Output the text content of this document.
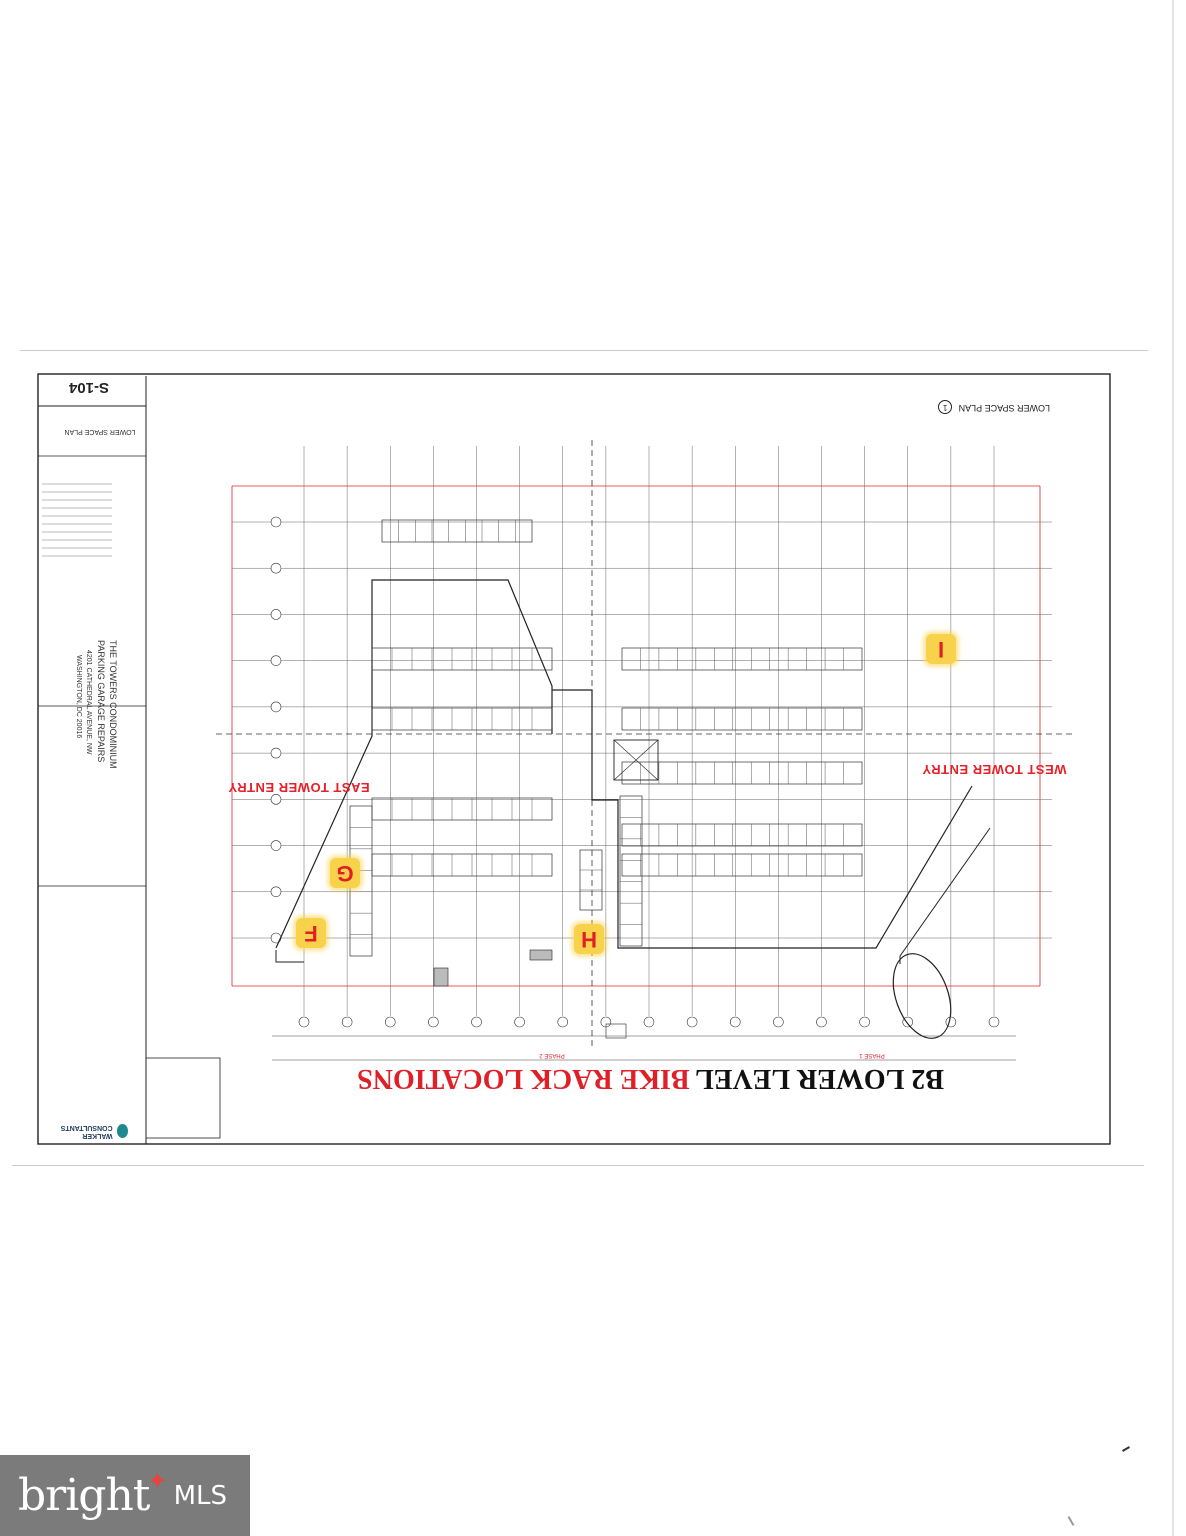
PHASE 2	PHASE 1
S-104
LOWER SPACE PLAN
THE TOWERS CONDOMINIUM
PARKING GARAGE REPAIRS
4201 CATHEDRAL AVENUE, NW
WASHINGTON, DC 20016
LOWER SPACE PLAN 1
WALKER CONSULTANTS
EAST TOWER ENTRY
WEST TOWER ENTRY
B2 LOWER LEVEL BIKE RACK LOCATIONS
F
G
H
I
bright
✦ MLS
